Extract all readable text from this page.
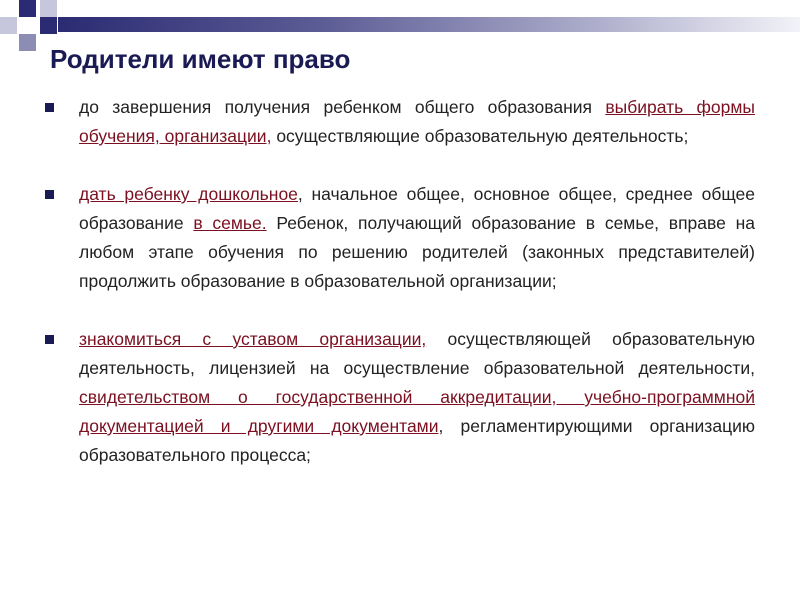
Родители имеют право

до завершения получения ребенком общего образования выбирать формы обучения, организации, осуществляющие образовательную деятельность;

дать ребенку дошкольное, начальное общее, основное общее, среднее общее образование в семье. Ребенок, получающий образование в семье, вправе на любом этапе обучения по решению родителей (законных представителей) продолжить образование в образовательной организации;

знакомиться с уставом организации, осуществляющей образовательную деятельность, лицензией на осуществление образовательной деятельности, свидетельством о государственной аккредитации, учебно-программной документацией и другими документами, регламентирующими организацию образовательного процесса;
